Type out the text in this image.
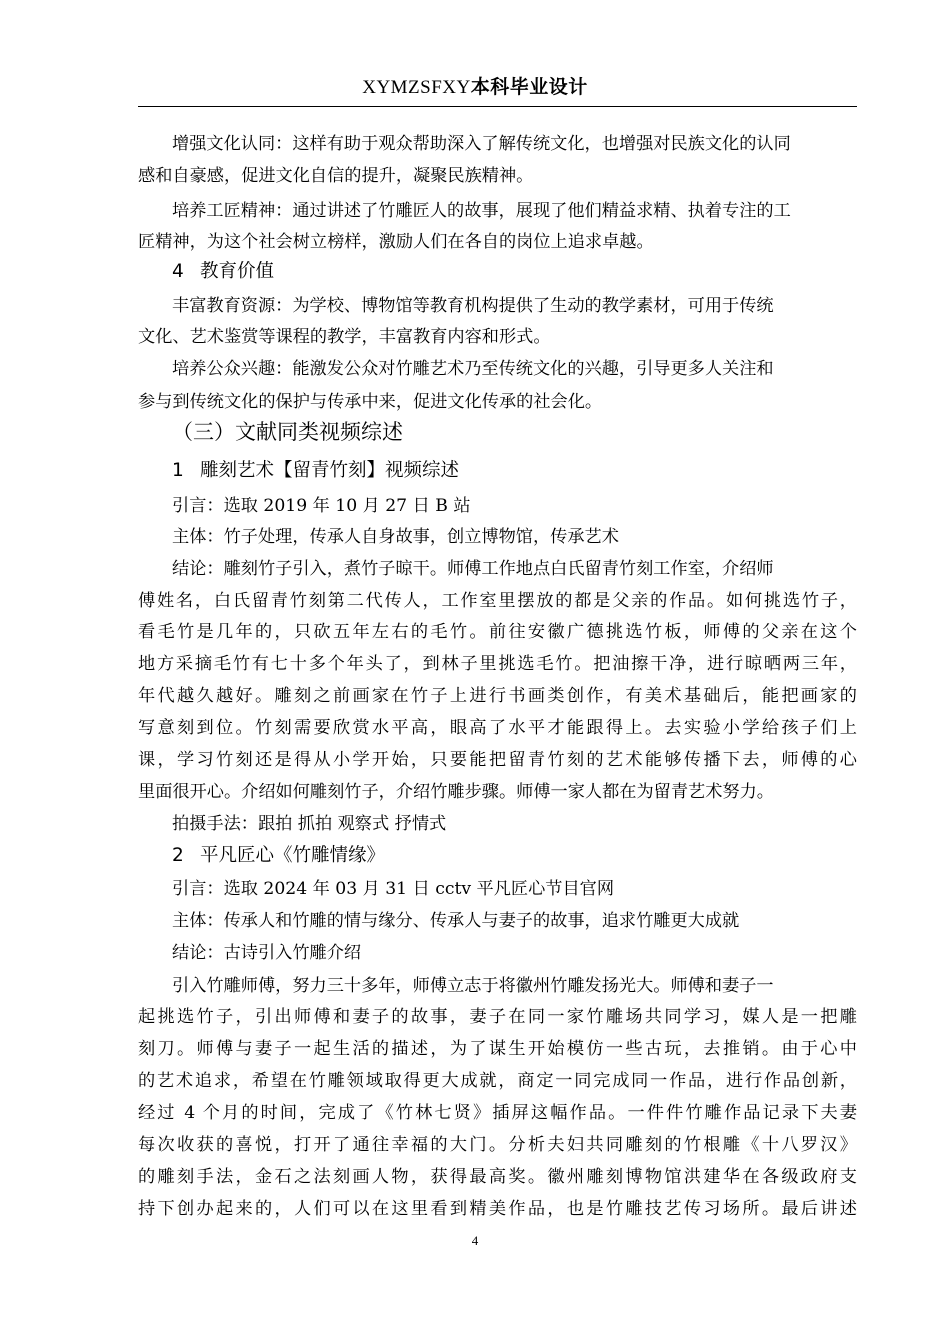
XYMZSFXY本科毕业设计
增强文化认同：这样有助于观众帮助深入了解传统文化，也增强对民族文化的认同
感和自豪感，促进文化自信的提升，凝聚民族精神。
培养工匠精神：通过讲述了竹雕匠人的故事，展现了他们精益求精、执着专注的工
匠精神，为这个社会树立榜样，激励人们在各自的岗位上追求卓越。
4 教育价值
丰富教育资源：为学校、博物馆等教育机构提供了生动的教学素材，可用于传统
文化、艺术鉴赏等课程的教学，丰富教育内容和形式。
培养公众兴趣：能激发公众对竹雕艺术乃至传统文化的兴趣，引导更多人关注和
参与到传统文化的保护与传承中来，促进文化传承的社会化。
（三）文献同类视频综述
1 雕刻艺术【留青竹刻】视频综述
引言：选取 2019 年 10 月 27 日 B 站
主体：竹子处理，传承人自身故事，创立博物馆，传承艺术
结论：雕刻竹子引入，煮竹子晾干。师傅工作地点白氏留青竹刻工作室，介绍师
傅姓名，白氏留青竹刻第二代传人，工作室里摆放的都是父亲的作品。如何挑选竹子，
看毛竹是几年的，只砍五年左右的毛竹。前往安徽广德挑选竹板，师傅的父亲在这个
地方采摘毛竹有七十多个年头了，到林子里挑选毛竹。把油擦干净，进行晾晒两三年，
年代越久越好。雕刻之前画家在竹子上进行书画类创作，有美术基础后，能把画家的
写意刻到位。竹刻需要欣赏水平高，眼高了水平才能跟得上。去实验小学给孩子们上
课，学习竹刻还是得从小学开始，只要能把留青竹刻的艺术能够传播下去，师傅的心
里面很开心。介绍如何雕刻竹子，介绍竹雕步骤。师傅一家人都在为留青艺术努力。
拍摄手法：跟拍 抓拍 观察式 抒情式
2 平凡匠心《竹雕情缘》
引言：选取 2024 年 03 月 31 日 cctv 平凡匠心节目官网
主体：传承人和竹雕的情与缘分、传承人与妻子的故事，追求竹雕更大成就
结论：古诗引入竹雕介绍
引入竹雕师傅，努力三十多年，师傅立志于将徽州竹雕发扬光大。师傅和妻子一
起挑选竹子，引出师傅和妻子的故事，妻子在同一家竹雕场共同学习，媒人是一把雕
刻刀。师傅与妻子一起生活的描述，为了谋生开始模仿一些古玩，去推销。由于心中
的艺术追求，希望在竹雕领域取得更大成就，商定一同完成同一作品，进行作品创新，
经过 4 个月的时间，完成了《竹林七贤》插屏这幅作品。一件件竹雕作品记录下夫妻
每次收获的喜悦，打开了通往幸福的大门。分析夫妇共同雕刻的竹根雕《十八罗汉》
的雕刻手法，金石之法刻画人物，获得最高奖。徽州雕刻博物馆洪建华在各级政府支
持下创办起来的，人们可以在这里看到精美作品，也是竹雕技艺传习场所。最后讲述
4
